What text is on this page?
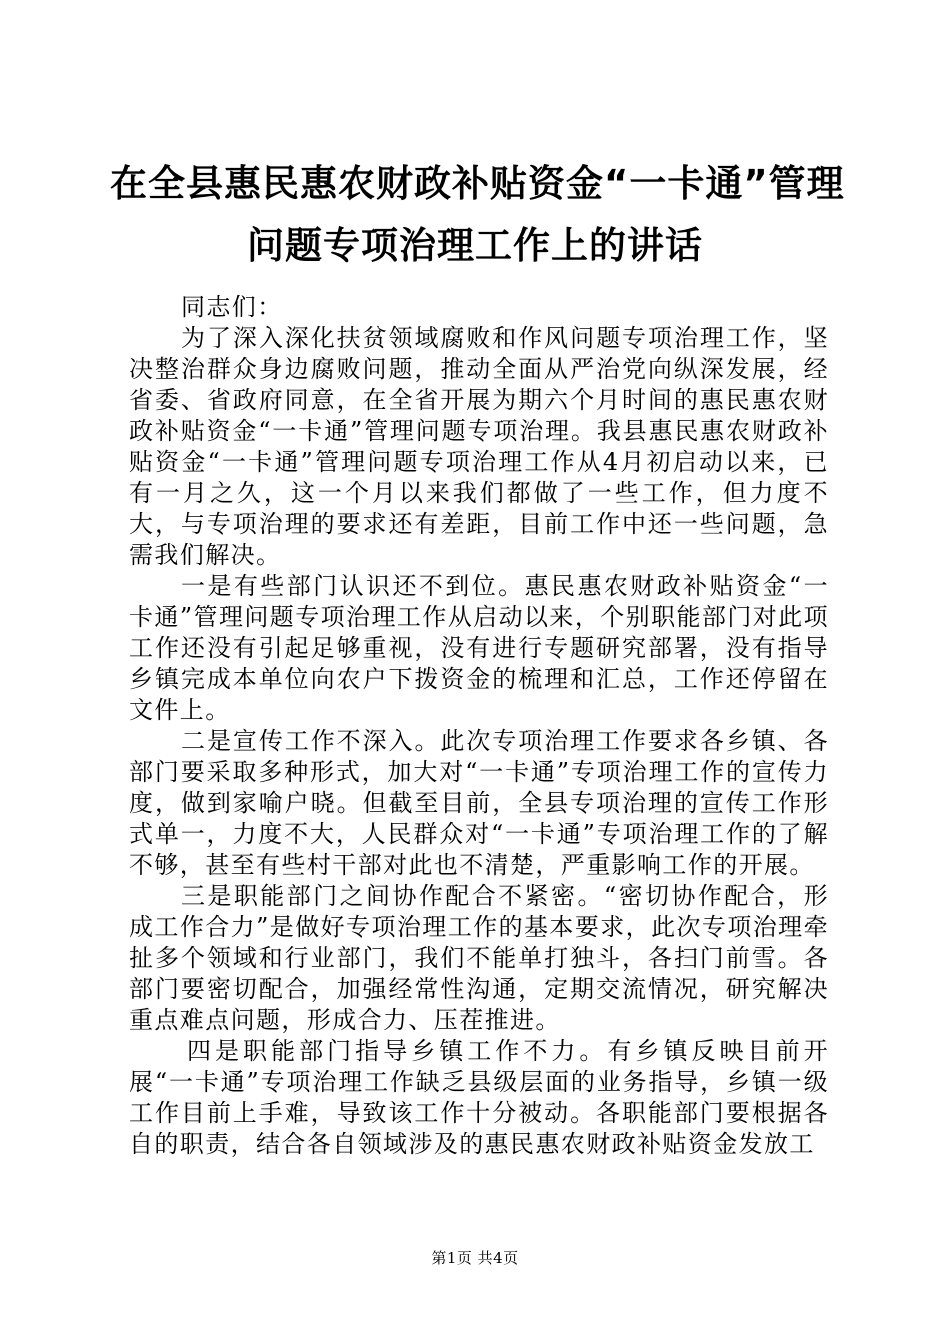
在全县惠民惠农财政补贴资金“一卡通”管理
问题专项治理工作上的讲话

同志们：

为了深入深化扶贫领域腐败和作风问题专项治理工作，坚决整治群众身边腐败问题，推动全面从严治党向纵深发展，经省委、省政府同意，在全省开展为期六个月时间的惠民惠农财政补贴资金“一卡通”管理问题专项治理。我县惠民惠农财政补贴资金“一卡通”管理问题专项治理工作从4月初启动以来，已有一月之久，这一个月以来我们都做了一些工作，但力度不大，与专项治理的要求还有差距，目前工作中还一些问题，急需我们解决。

一是有些部门认识还不到位。惠民惠农财政补贴资金“一卡通”管理问题专项治理工作从启动以来，个别职能部门对此项工作还没有引起足够重视，没有进行专题研究部署，没有指导乡镇完成本单位向农户下拨资金的梳理和汇总，工作还停留在文件上。

二是宣传工作不深入。此次专项治理工作要求各乡镇、各部门要采取多种形式，加大对“一卡通”专项治理工作的宣传力度，做到家喻户晓。但截至目前，全县专项治理的宣传工作形式单一，力度不大，人民群众对“一卡通”专项治理工作的了解不够，甚至有些村干部对此也不清楚，严重影响工作的开展。

三是职能部门之间协作配合不紧密。“密切协作配合，形成工作合力”是做好专项治理工作的基本要求，此次专项治理牵扯多个领域和行业部门，我们不能单打独斗，各扫门前雪。各部门要密切配合，加强经常性沟通，定期交流情况，研究解决重点难点问题，形成合力、压茬推进。

四是职能部门指导乡镇工作不力。有乡镇反映目前开展“一卡通”专项治理工作缺乏县级层面的业务指导，乡镇一级工作目前上手难，导致该工作十分被动。各职能部门要根据各自的职责，结合各自领域涉及的惠民惠农财政补贴资金发放工

第1页 共4页
